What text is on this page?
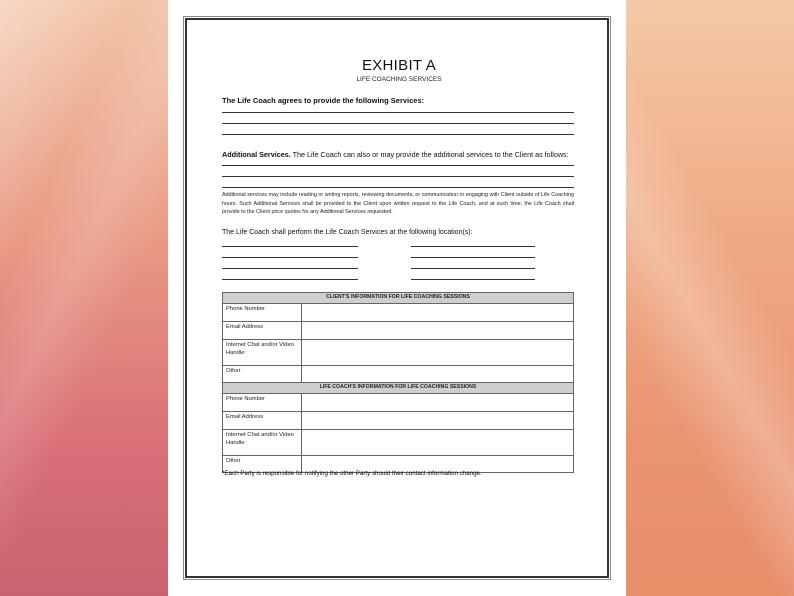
EXHIBIT A
LIFE COACHING SERVICES
The Life Coach agrees to provide the following Services:
Additional Services. The Life Coach can also or may provide the additional services to the Client as follows:
Additional services may include reading or writing reports, reviewing documents, or communication or engaging with Client outside of Life Coaching hours. Such Additional Services shall be provided to the Client upon written request to the Life Coach, and at such time, the Life Coach shall provide to the Client price quotes for any Additional Services requested.
The Life Coach shall perform the Life Coach Services at the following location(s):
CLIENT'S INFORMATION FOR LIFE COACHING SESSIONS	
Phone Number	
Email Address	
Internet Chat and/or Video Handle:	
Other	
LIFE COACH'S INFORMATION FOR LIFE COACHING SESSIONS	
Phone Number	
Email Address	
Internet Chat and/or Video Handle:	
Other	
*Each Party is responsible for notifying the other Party should their contact information change.
